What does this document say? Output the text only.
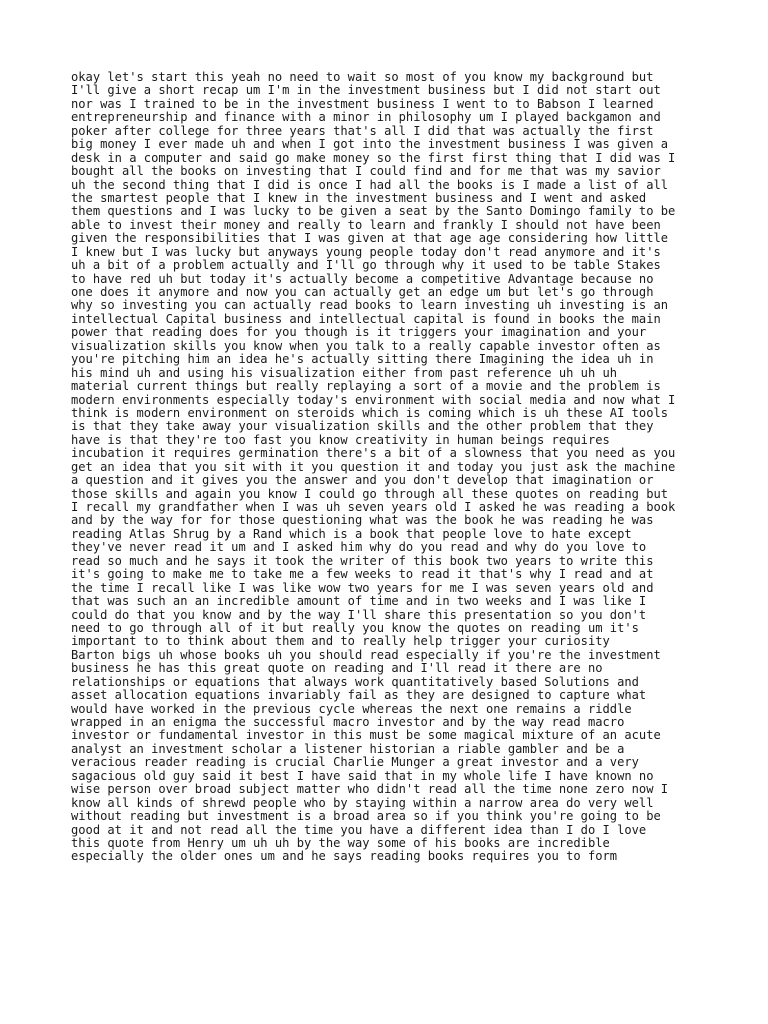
okay let's start this yeah no need to wait so most of you know my background but
I'll give a short recap um I'm in the investment business but I did not start out
nor was I trained to be in the investment business I went to to Babson I learned
entrepreneurship and finance with a minor in philosophy um I played backgamon and
poker after college for three years that's all I did that was actually the first
big money I ever made uh and when I got into the investment business I was given a
desk in a computer and said go make money so the first first thing that I did was I
bought all the books on investing that I could find and for me that was my savior
uh the second thing that I did is once I had all the books is I made a list of all
the smartest people that I knew in the investment business and I went and asked
them questions and I was lucky to be given a seat by the Santo Domingo family to be
able to invest their money and really to learn and frankly I should not have been
given the responsibilities that I was given at that age age considering how little
I knew but I was lucky but anyways young people today don't read anymore and it's
uh a bit of a problem actually and I'll go through why it used to be table Stakes
to have red uh but today it's actually become a competitive Advantage because no
one does it anymore and now you can actually get an edge um but let's go through
why so investing you can actually read books to learn investing uh investing is an
intellectual Capital business and intellectual capital is found in books the main
power that reading does for you though is it triggers your imagination and your
visualization skills you know when you talk to a really capable investor often as
you're pitching him an idea he's actually sitting there Imagining the idea uh in
his mind uh and using his visualization either from past reference uh uh uh
material current things but really replaying a sort of a movie and the problem is
modern environments especially today's environment with social media and now what I
think is modern environment on steroids which is coming which is uh these AI tools
is that they take away your visualization skills and the other problem that they
have is that they're too fast you know creativity in human beings requires
incubation it requires germination there's a bit of a slowness that you need as you
get an idea that you sit with it you question it and today you just ask the machine
a question and it gives you the answer and you don't develop that imagination or
those skills and again you know I could go through all these quotes on reading but
I recall my grandfather when I was uh seven years old I asked he was reading a book
and by the way for for those questioning what was the book he was reading he was
reading Atlas Shrug by a Rand which is a book that people love to hate except
they've never read it um and I asked him why do you read and why do you love to
read so much and he says it took the writer of this book two years to write this
it's going to make me to take me a few weeks to read it that's why I read and at
the time I recall like I was like wow two years for me I was seven years old and
that was such an an incredible amount of time and in two weeks and I was like I
could do that you know and by the way I'll share this presentation so you don't
need to go through all of it but really you know the quotes on reading um it's
important to to think about them and to really help trigger your curiosity
Barton bigs uh whose books uh you should read especially if you're the investment
business he has this great quote on reading and I'll read it there are no
relationships or equations that always work quantitatively based Solutions and
asset allocation equations invariably fail as they are designed to capture what
would have worked in the previous cycle whereas the next one remains a riddle
wrapped in an enigma the successful macro investor and by the way read macro
investor or fundamental investor in this must be some magical mixture of an acute
analyst an investment scholar a listener historian a riable gambler and be a
veracious reader reading is crucial Charlie Munger a great investor and a very
sagacious old guy said it best I have said that in my whole life I have known no
wise person over broad subject matter who didn't read all the time none zero now I
know all kinds of shrewd people who by staying within a narrow area do very well
without reading but investment is a broad area so if you think you're going to be
good at it and not read all the time you have a different idea than I do I love
this quote from Henry um uh uh by the way some of his books are incredible
especially the older ones um and he says reading books requires you to form
